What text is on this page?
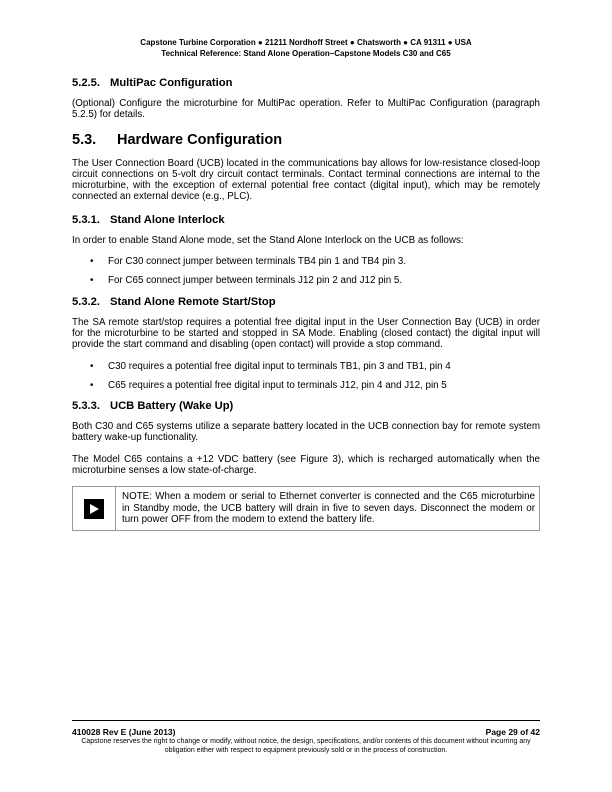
Capstone Turbine Corporation ● 21211 Nordhoff Street ● Chatsworth ● CA 91311 ● USA
Technical Reference: Stand Alone Operation–Capstone Models C30 and C65
5.2.5. MultiPac Configuration

(Optional) Configure the microturbine for MultiPac operation. Refer to MultiPac Configuration (paragraph 5.2.5) for details.

5.3. Hardware Configuration

The User Connection Board (UCB) located in the communications bay allows for low-resistance closed-loop circuit connections on 5-volt dry circuit contact terminals. Contact terminal connections are internal to the microturbine, with the exception of external potential free contact (digital input), which may be remotely connected an external device (e.g., PLC).

5.3.1. Stand Alone Interlock

In order to enable Stand Alone mode, set the Stand Alone Interlock on the UCB as follows:

• For C30 connect jumper between terminals TB4 pin 1 and TB4 pin 3.
• For C65 connect jumper between terminals J12 pin 2 and J12 pin 5.
5.3.2. Stand Alone Remote Start/Stop

The SA remote start/stop requires a potential free digital input in the User Connection Bay (UCB) in order for the microturbine to be started and stopped in SA Mode. Enabling (closed contact) the digital input will provide the start command and disabling (open contact) will provide a stop command.

• C30 requires a potential free digital input to terminals TB1, pin 3 and TB1, pin 4
• C65 requires a potential free digital input to terminals J12, pin 4 and J12, pin 5
5.3.3. UCB Battery (Wake Up)

Both C30 and C65 systems utilize a separate battery located in the UCB connection bay for remote system battery wake-up functionality.

The Model C65 contains a +12 VDC battery (see Figure 3), which is recharged automatically when the microturbine senses a low state-of-charge.

NOTE: When a modem or serial to Ethernet converter is connected and the C65 microturbine in Standby mode, the UCB battery will drain in five to seven days. Disconnect the modem or turn power OFF from the modem to extend the battery life.
410028 Rev E (June 2013)	Page 29 of 42
Capstone reserves the right to change or modify, without notice, the design, specifications, and/or contents of this document without incurring any obligation either with respect to equipment previously sold or in the process of construction.
